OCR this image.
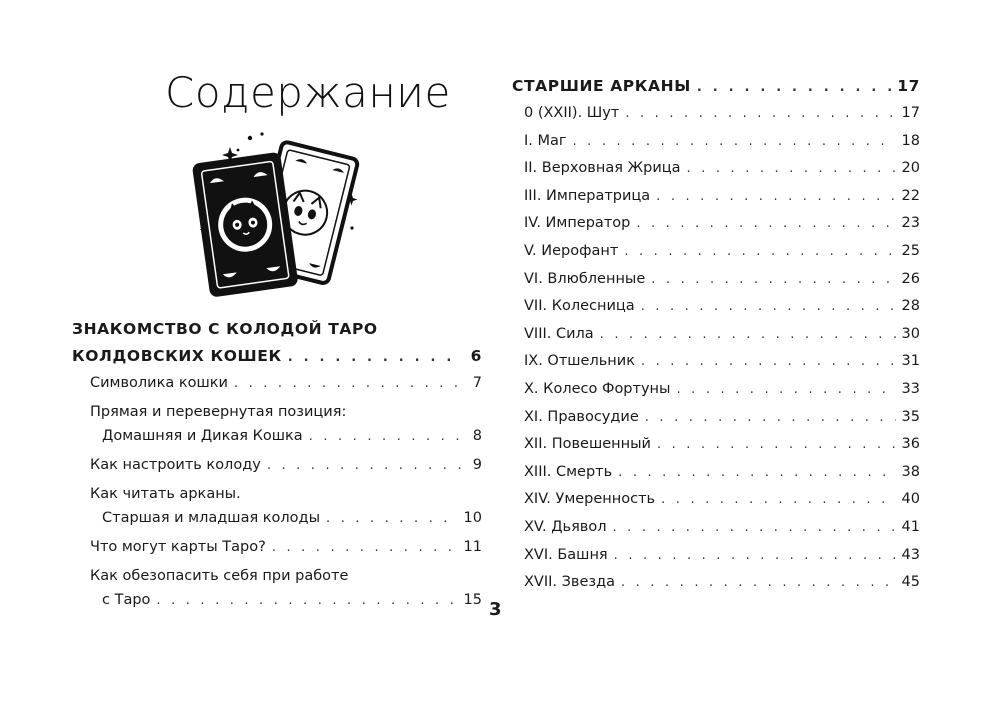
Содержание
ЗНАКОМСТВО С КОЛОДОЙ ТАРО
КОЛДОВСКИХ КОШЕК . . .	6
Символика кошки . . .	7
Прямая и перевернутая позиция:
Домашняя и Дикая Кошка . . .	8
Как настроить колоду . . .	9
Как читать арканы.
Старшая и младшая колоды . . .	10
Что могут карты Таро? . . .	11
Как обезопасить себя при работе
с Таро . . .	15
СТАРШИЕ АРКАНЫ . . .	17
0 (XXII). Шут . . .	17
I. Маг . . .	18
II. Верховная Жрица . . .	20
III. Императрица . . .	22
IV. Император . . .	23
V. Иерофант . . .	25
VI. Влюбленные . . .	26
VII. Колесница . . .	28
VIII. Сила . . .	30
IX. Отшельник . . .	31
X. Колесо Фортуны . . .	33
XI. Правосудие . . .	35
XII. Повешенный . . .	36
XIII. Смерть . . .	38
XIV. Умеренность . . .	40
XV. Дьявол . . .	41
XVI. Башня . . .	43
XVII. Звезда . . .	45
3
